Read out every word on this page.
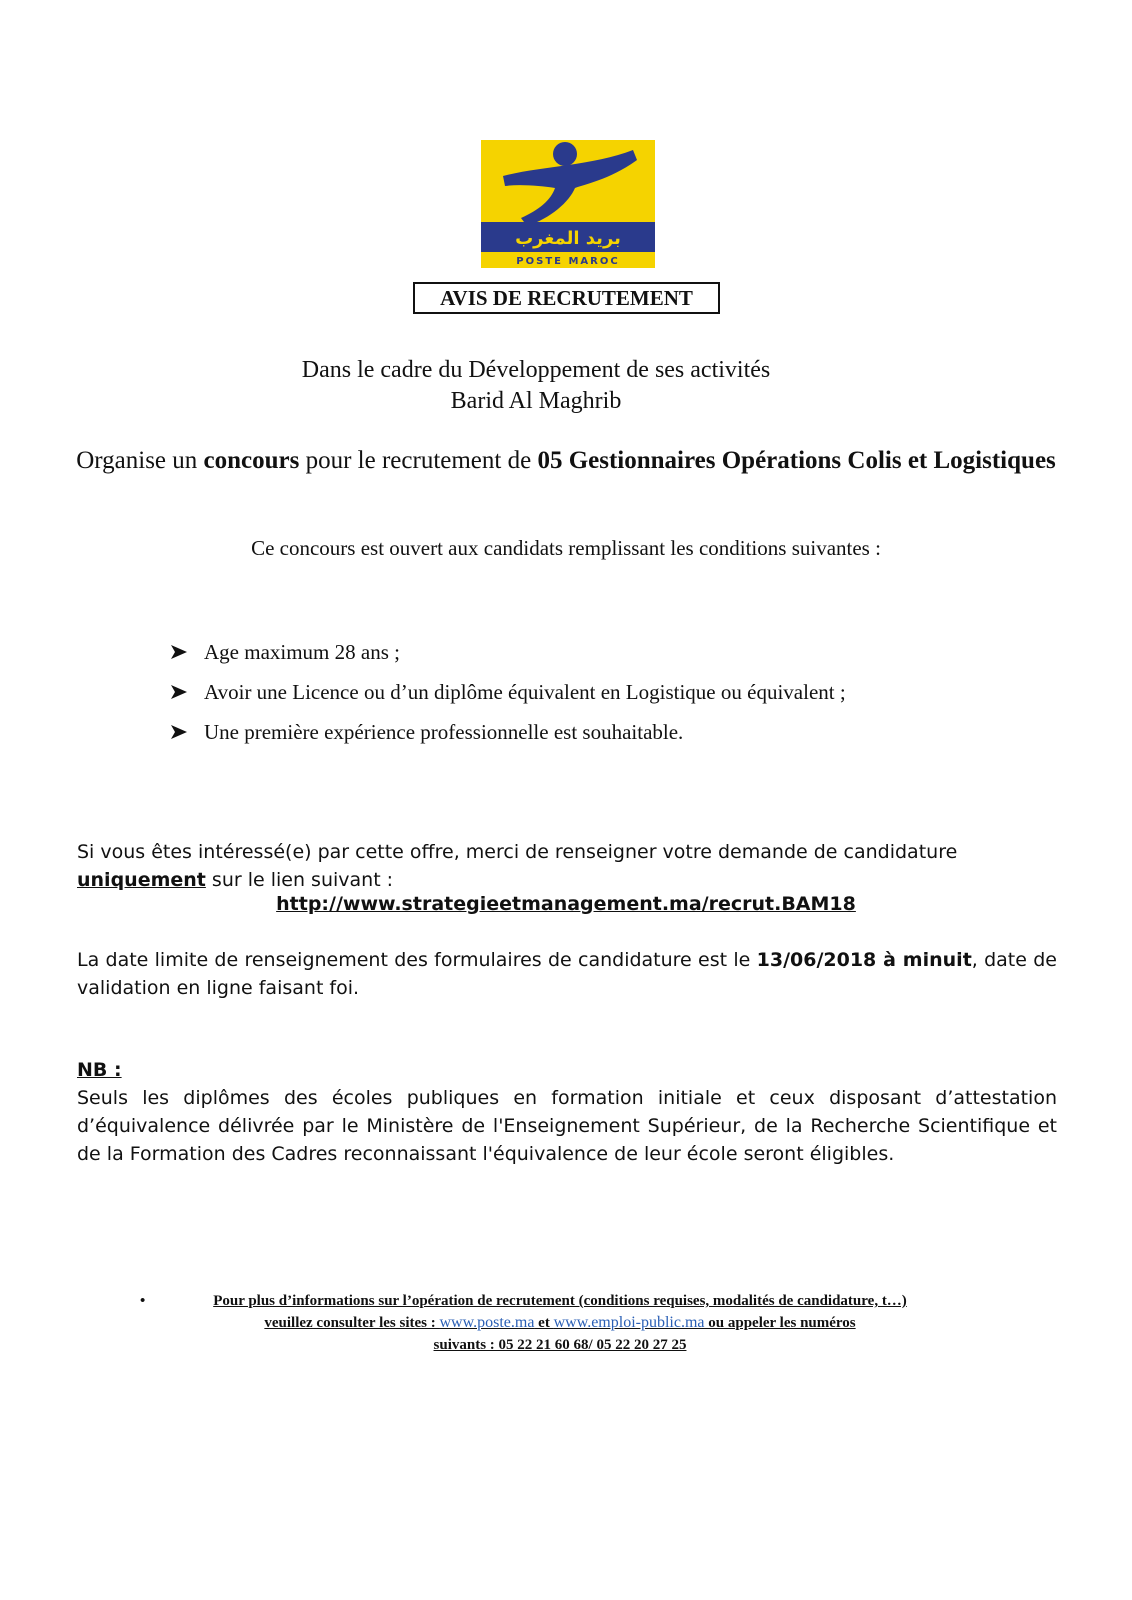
بريد المغرب
POSTE MAROC
AVIS DE RECRUTEMENT
Dans le cadre du Développement de ses activités
Barid Al Maghrib
Organise un concours pour le recrutement de 05 Gestionnaires Opérations Colis et Logistiques
Ce concours est ouvert aux candidats remplissant les conditions suivantes :
Age maximum 28 ans ;
Avoir une Licence ou d’un diplôme équivalent en Logistique ou équivalent ;
Une première expérience professionnelle est souhaitable.
Si vous êtes intéressé(e) par cette offre, merci de renseigner votre demande de candidature uniquement sur le lien suivant :
http://www.strategieetmanagement.ma/recrut.BAM18
La date limite de renseignement des formulaires de candidature est le 13/06/2018 à minuit, date de validation en ligne faisant foi.
NB :
Seuls les diplômes des écoles publiques en formation initiale et ceux disposant d’attestation d’équivalence délivrée par le Ministère de l'Enseignement Supérieur, de la Recherche Scientifique et de la Formation des Cadres reconnaissant l'équivalence de leur école seront éligibles.
•	Pour plus d’informations sur l’opération de recrutement (conditions requises, modalités de candidature, t…)
veuillez consulter les sites : www.poste.ma et www.emploi-public.ma ou appeler les numéros
suivants : 05 22 21 60 68/ 05 22 20 27 25
